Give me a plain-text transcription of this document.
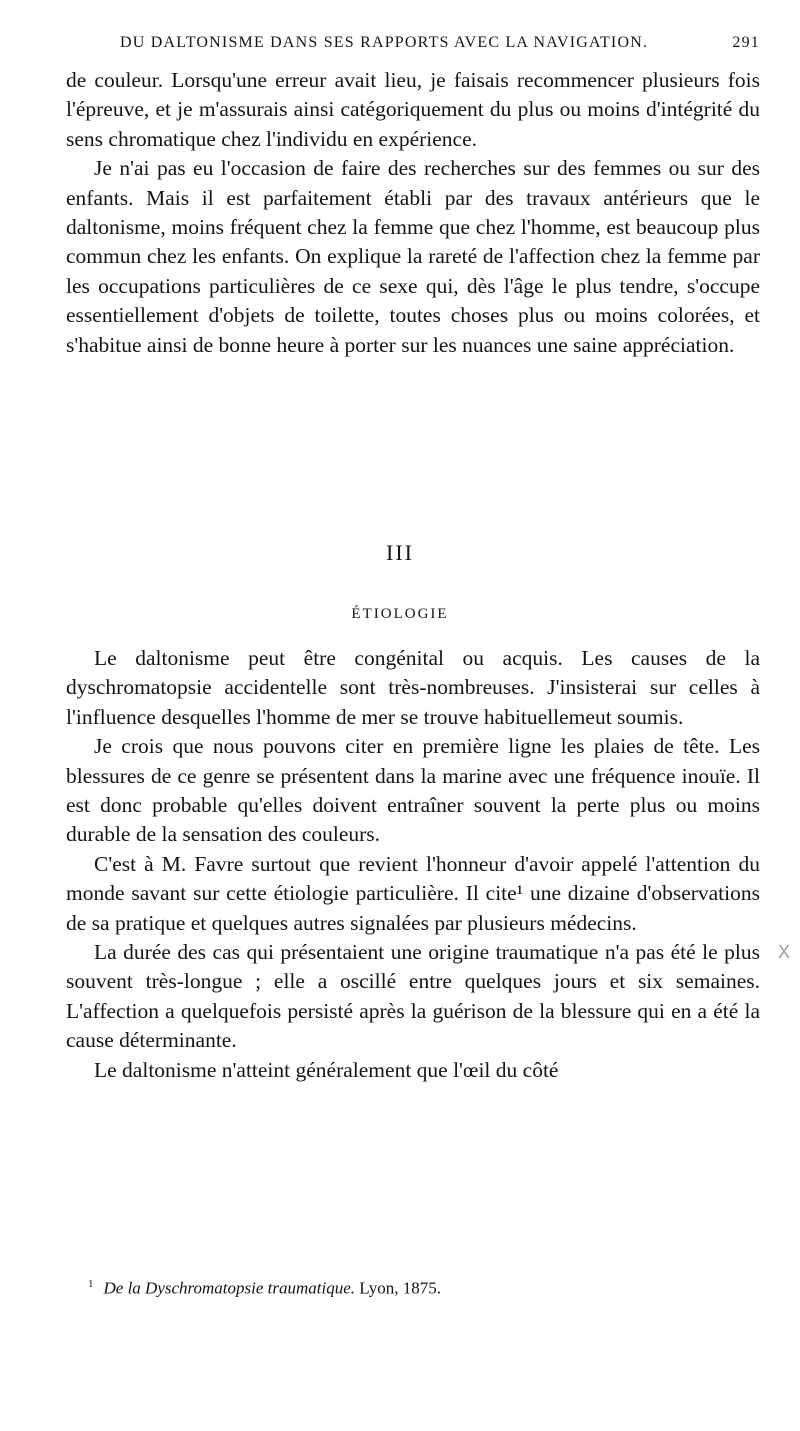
DU DALTONISME DANS SES RAPPORTS AVEC LA NAVIGATION.	291

de couleur. Lorsqu'une erreur avait lieu, je faisais recommencer plusieurs fois l'épreuve, et je m'assurais ainsi catégoriquement du plus ou moins d'intégrité du sens chromatique chez l'individu en expérience.

Je n'ai pas eu l'occasion de faire des recherches sur des femmes ou sur des enfants. Mais il est parfaitement établi par des travaux antérieurs que le daltonisme, moins fréquent chez la femme que chez l'homme, est beaucoup plus commun chez les enfants. On explique la rareté de l'affection chez la femme par les occupations particulières de ce sexe qui, dès l'âge le plus tendre, s'occupe essentiellement d'objets de toilette, toutes choses plus ou moins colorées, et s'habitue ainsi de bonne heure à porter sur les nuances une saine appréciation.

III
ÉTIOLOGIE

Le daltonisme peut être congénital ou acquis. Les causes de la dyschromatopsie accidentelle sont très-nombreuses. J'insisterai sur celles à l'influence desquelles l'homme de mer se trouve habituellemeut soumis.

Je crois que nous pouvons citer en première ligne les plaies de tête. Les blessures de ce genre se présentent dans la marine avec une fréquence inouïe. Il est donc probable qu'elles doivent entraîner souvent la perte plus ou moins durable de la sensation des couleurs.

C'est à M. Favre surtout que revient l'honneur d'avoir appelé l'attention du monde savant sur cette étiologie particulière. Il cite¹ une dizaine d'observations de sa pratique et quelques autres signalées par plusieurs médecins.

La durée des cas qui présentaient une origine traumatique n'a pas été le plus souvent très-longue ; elle a oscillé entre quelques jours et six semaines. L'affection a quelquefois persisté après la guérison de la blessure qui en a été la cause déterminante.

Le daltonisme n'atteint généralement que l'œil du côté

$^1$ De la Dyschromatopsie traumatique. Lyon, 1875.
X
